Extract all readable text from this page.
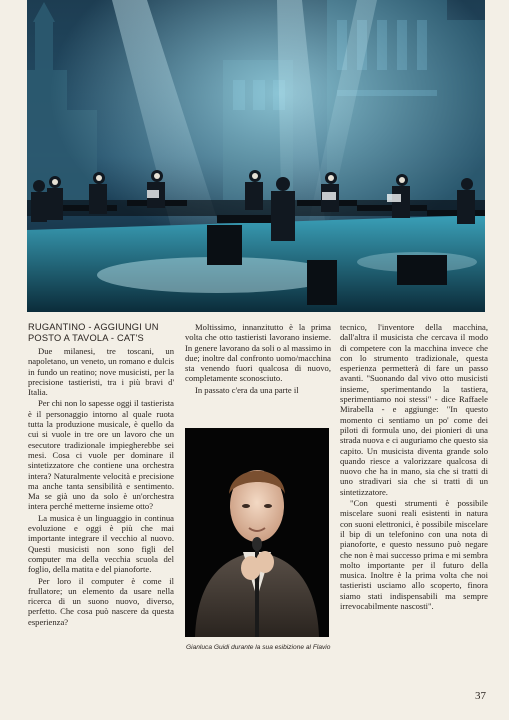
RUGANTINO - AGGIUNGI UN POSTO A TAVOLA - CAT'S

Due milanesi, tre toscani, un napoletano, un veneto, un romano e dulcis in fundo un reatino; nove musicisti, per la precisione tastieristi, tra i più bravi d' Italia.

Per chi non lo sapesse oggi il tastierista è il personaggio intorno al quale ruota tutta la produzione musicale, è quello da cui si vuole in tre ore un lavoro che un esecutore tradizionale impiegherebbe sei mesi. Cosa ci vuole per dominare il sintetizzatore che contiene una orchestra intera? Naturalmente velocità e precisione ma anche tanta sensibilità e sentimento. Ma se già uno da solo è un'orchestra intera perché metterne insieme otto?

La musica è un linguaggio in continua evoluzione e oggi è più che mai importante integrare il vecchio al nuovo. Questi musicisti non sono figli del computer ma della vecchia scuola del foglio, della matita e del pianoforte.

Per loro il computer è come il frullatore; un elemento da usare nella ricerca di un suono nuovo, diverso, perfetto. Che cosa può nascere da questa esperienza?

Moltissimo, innanzitutto è la prima volta che otto tastieristi lavorano insieme. In genere lavorano da soli o al massimo in due; inoltre dal confronto uomo/macchina sta venendo fuori qualcosa di nuovo, completamente sconosciuto.

In passato c'era da una parte il

Gianluca Guidi durante la sua esibizione al Flavio

tecnico, l'inventore della macchina, dall'altra il musicista che cercava il modo di competere con la macchina invece che con lo strumento tradizionale, questa esperienza permetterà di fare un passo avanti. "Suonando dal vivo otto musicisti insieme, sperimentando la tastiera, sperimentiamo noi stessi" - dice Raffaele Mirabella - e aggiunge: "In questo momento ci sentiamo un po' come dei piloti di formula uno, dei pionieri di una strada nuova e ci auguriamo che questo sia capito. Un musicista diventa grande solo quando riesce a valorizzare qualcosa di nuovo che ha in mano, sia che si tratti di uno stradivari sia che si tratti di un sintetizzatore.

"Con questi strumenti è possibile miscelare suoni reali esistenti in natura con suoni elettronici, è possibile miscelare il bip di un telefonino con una nota di pianoforte, e questo nessuno può negare che non è mai successo prima e mi sembra molto importante per il futuro della musica. Inoltre è la prima volta che noi tastieristi usciamo allo scoperto, finora siamo stati indispensabili ma sempre irrevocabilmente nascosti".

37
